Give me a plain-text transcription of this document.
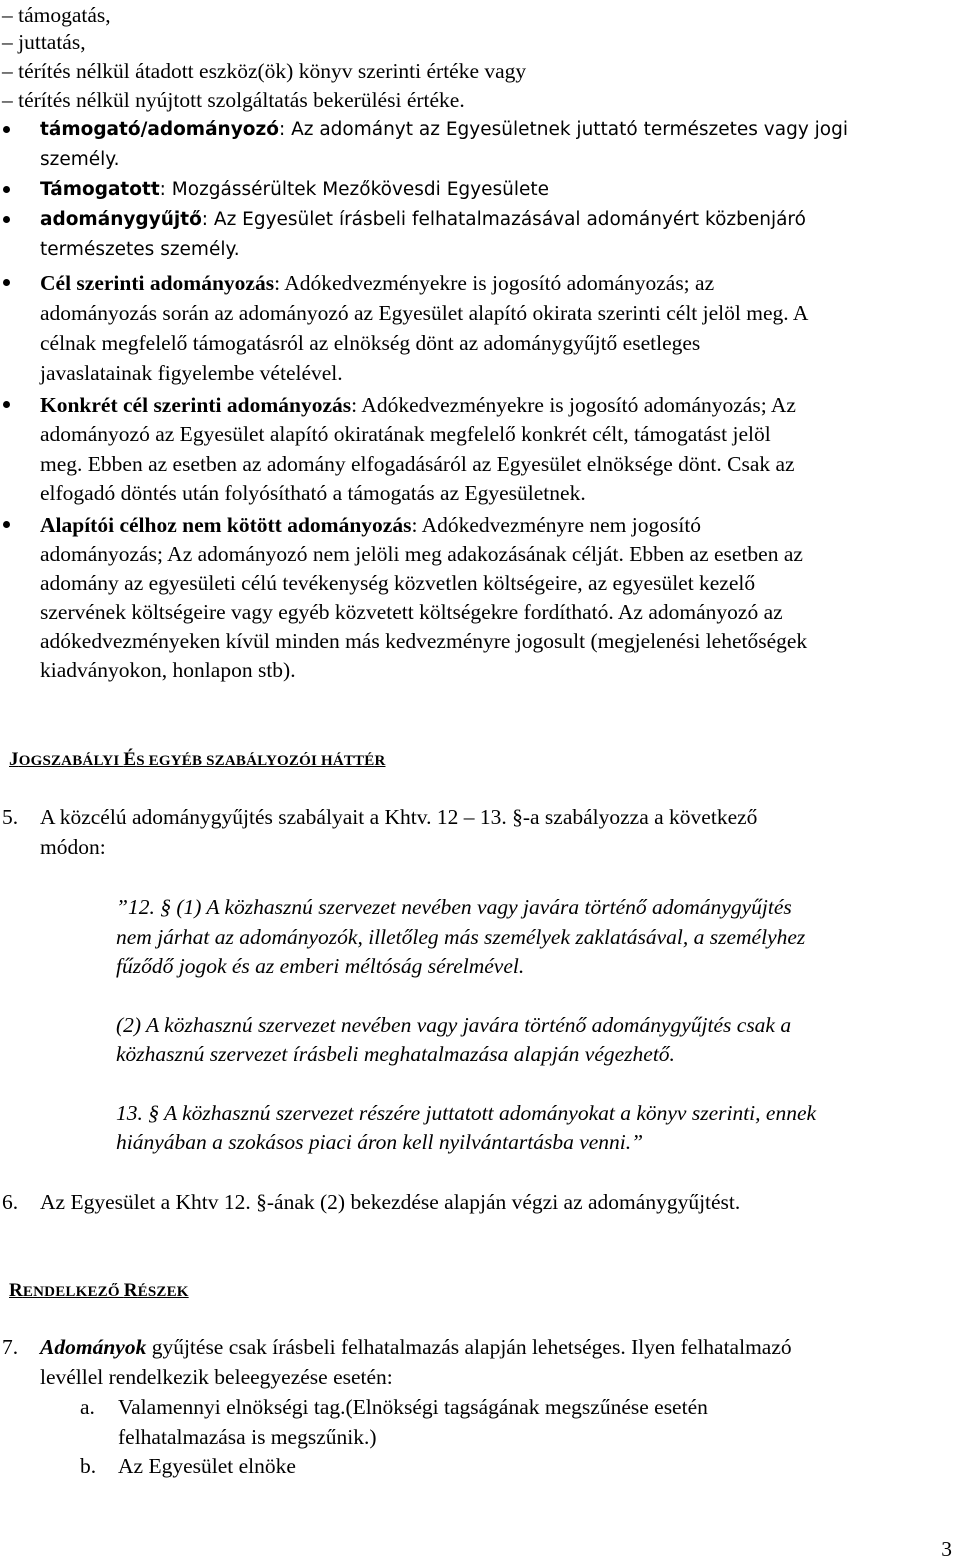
– támogatás,
– juttatás,
– térítés nélkül átadott eszköz(ök) könyv szerinti értéke vagy
– térítés nélkül nyújtott szolgáltatás bekerülési értéke.
támogató/adományozó: Az adományt az Egyesületnek juttató természetes vagy jogi
személy.
Támogatott: Mozgássérültek Mezőkövesdi Egyesülete
adománygyűjtő: Az Egyesület írásbeli felhatalmazásával adományért közbenjáró
természetes személy.
Cél szerinti adományozás: Adókedvezményekre is jogosító adományozás; az
adományozás során az adományozó az Egyesület alapító okirata szerinti célt jelöl meg. A
célnak megfelelő támogatásról az elnökség dönt az adománygyűjtő esetleges
javaslatainak figyelembe vételével.
Konkrét cél szerinti adományozás: Adókedvezményekre is jogosító adományozás; Az
adományozó az Egyesület alapító okiratának megfelelő konkrét célt, támogatást jelöl
meg. Ebben az esetben az adomány elfogadásáról az Egyesület elnöksége dönt. Csak az
elfogadó döntés után folyósítható a támogatás az Egyesületnek.
Alapítói célhoz nem kötött adományozás: Adókedvezményre nem jogosító
adományozás; Az adományozó nem jelöli meg adakozásának célját. Ebben az esetben az
adomány az egyesületi célú tevékenység közvetlen költségeire, az egyesület kezelő
szervének költségeire vagy egyéb közvetett költségekre fordítható. Az adományozó az
adókedvezményeken kívül minden más kedvezményre jogosult (megjelenési lehetőségek
kiadványokon, honlapon stb).
JOGSZABÁLYI ÉS EGYÉB SZABÁLYOZÓI HÁTTÉR
5. A közcélú adománygyűjtés szabályait a Khtv. 12 – 13. §-a szabályozza a következő
módon:
”12. § (1) A közhasznú szervezet nevében vagy javára történő adománygyűjtés
nem járhat az adományozók, illetőleg más személyek zaklatásával, a személyhez
fűződő jogok és az emberi méltóság sérelmével.
(2) A közhasznú szervezet nevében vagy javára történő adománygyűjtés csak a
közhasznú szervezet írásbeli meghatalmazása alapján végezhető.
13. § A közhasznú szervezet részére juttatott adományokat a könyv szerinti, ennek
hiányában a szokásos piaci áron kell nyilvántartásba venni.”
6. Az Egyesület a Khtv 12. §-ának (2) bekezdése alapján végzi az adománygyűjtést.
RENDELKEZŐ RÉSZEK
7. Adományok gyűjtése csak írásbeli felhatalmazás alapján lehetséges. Ilyen felhatalmazó
levéllel rendelkezik beleegyezése esetén:
a. Valamennyi elnökségi tag.(Elnökségi tagságának megszűnése esetén
felhatalmazása is megszűnik.)
b. Az Egyesület elnöke
3
